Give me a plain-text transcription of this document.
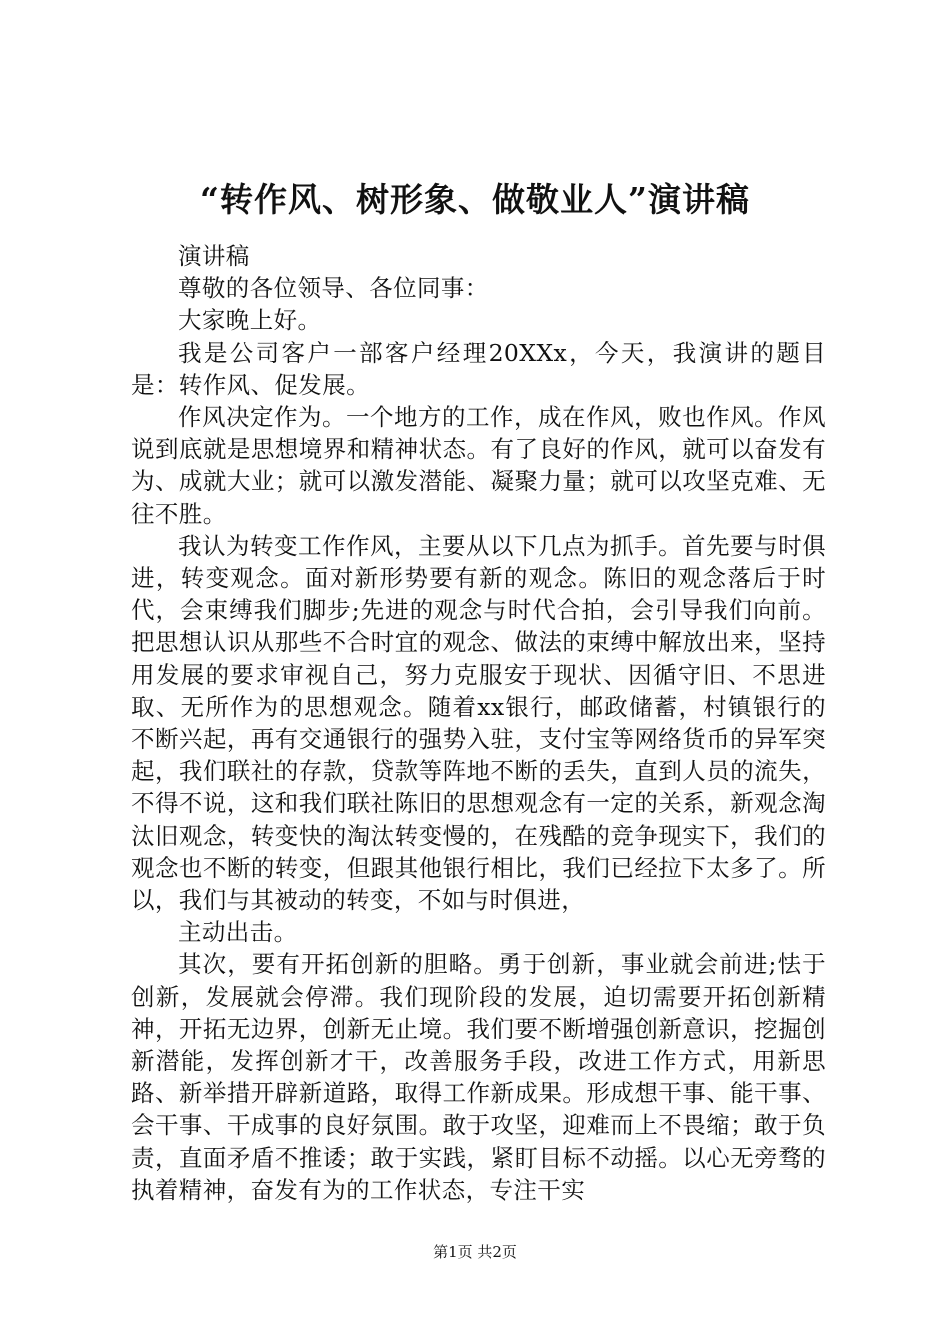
“转作风、树形象、做敬业人”演讲稿

演讲稿

尊敬的各位领导、各位同事：

大家晚上好。

我是公司客户一部客户经理20XXx，今天，我演讲的题目是：转作风、促发展。

作风决定作为。一个地方的工作，成在作风，败也作风。作风说到底就是思想境界和精神状态。有了良好的作风，就可以奋发有为、成就大业；就可以激发潜能、凝聚力量；就可以攻坚克难、无往不胜。

我认为转变工作作风，主要从以下几点为抓手。首先要与时俱进，转变观念。面对新形势要有新的观念。陈旧的观念落后于时代，会束缚我们脚步;先进的观念与时代合拍，会引导我们向前。把思想认识从那些不合时宜的观念、做法的束缚中解放出来，坚持用发展的要求审视自己，努力克服安于现状、因循守旧、不思进取、无所作为的思想观念。随着xx银行，邮政储蓄，村镇银行的不断兴起，再有交通银行的强势入驻，支付宝等网络货币的异军突起，我们联社的存款，贷款等阵地不断的丢失，直到人员的流失，不得不说，这和我们联社陈旧的思想观念有一定的关系，新观念淘汰旧观念，转变快的淘汰转变慢的，在残酷的竞争现实下，我们的观念也不断的转变，但跟其他银行相比，我们已经拉下太多了。所以，我们与其被动的转变，不如与时俱进，

主动出击。

其次，要有开拓创新的胆略。勇于创新，事业就会前进;怯于创新，发展就会停滞。我们现阶段的发展，迫切需要开拓创新精神，开拓无边界，创新无止境。我们要不断增强创新意识，挖掘创新潜能，发挥创新才干，改善服务手段，改进工作方式，用新思路、新举措开辟新道路，取得工作新成果。形成想干事、能干事、会干事、干成事的良好氛围。敢于攻坚，迎难而上不畏缩；敢于负责，直面矛盾不推诿；敢于实践，紧盯目标不动摇。以心无旁骛的执着精神，奋发有为的工作状态，专注干实

第1页 共2页
